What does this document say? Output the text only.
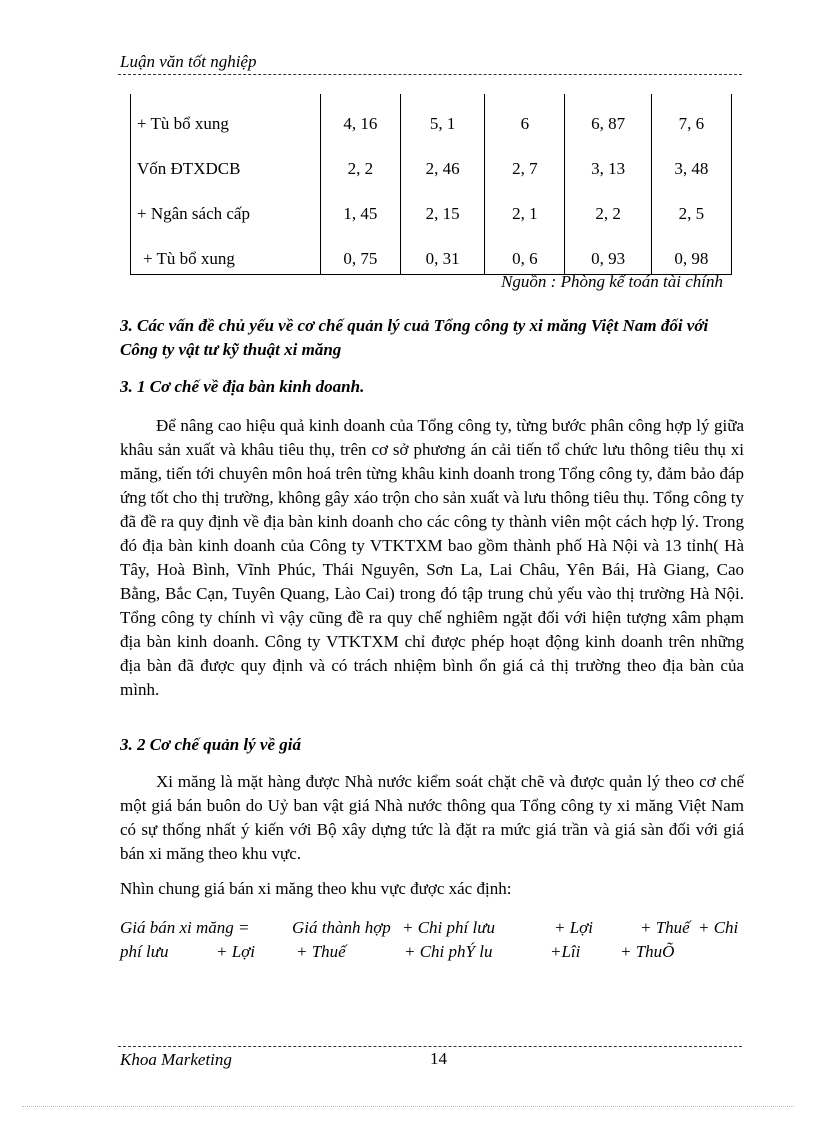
Luận văn tốt nghiệp
+ Tù bổ xung	4, 16	5, 1	6	6, 87	7, 6
Vốn ĐTXDCB	2, 2	2, 46	2, 7	3, 13	3, 48
+ Ngân sách cấp	1, 45	2, 15	2, 1	2, 2	2, 5
+ Tù bổ xung	0, 75	0, 31	0, 6	0, 93	0, 98
Nguồn : Phòng kế toán tài chính
3. Các vấn đề chủ yếu về cơ chế quản lý cuả Tổng công ty xi măng Việt Nam đối với Công ty vật tư kỹ thuật xi măng
3. 1 Cơ chế về địa bàn kinh doanh.
Để nâng cao hiệu quả kinh doanh của Tổng công ty, từng bước phân công hợp lý giữa khâu sản xuất và khâu tiêu thụ, trên cơ sở phương án cải tiến tổ chức lưu thông tiêu thụ xi măng, tiến tới chuyên môn hoá trên từng khâu kinh doanh trong Tổng công ty, đảm bảo đáp ứng tốt cho thị trường, không gây xáo trộn cho sản xuất và lưu thông tiêu thụ. Tổng công ty đã đề ra quy định về địa bàn kinh doanh cho các công ty thành viên một cách hợp lý. Trong đó địa bàn kinh doanh của Công ty VTKTXM bao gồm thành phố Hà Nội và 13 tỉnh( Hà Tây, Hoà Bình, Vĩnh Phúc, Thái Nguyên, Sơn La, Lai Châu, Yên Bái, Hà Giang, Cao Bằng, Bắc Cạn, Tuyên Quang, Lào Cai) trong đó tập trung chủ yếu vào thị trường Hà Nội. Tổng công ty chính vì vậy cũng đề ra quy chế nghiêm ngặt đối với hiện tượng xâm phạm địa bàn kinh doanh. Công ty VTKTXM chỉ được phép hoạt động kinh doanh trên những địa bàn đã được quy định và có trách nhiệm bình ổn giá cả thị trường theo địa bàn của mình.
3. 2 Cơ chế quản lý về giá
Xi măng là mặt hàng được Nhà nước kiểm soát chặt chẽ và được quản lý theo cơ chế một giá bán buôn do Uỷ ban vật giá Nhà nước thông qua Tổng công ty xi măng Việt Nam có sự thống nhất ý kiến với Bộ xây dựng tức là đặt ra mức giá trần và giá sàn đối với giá bán xi măng theo khu vực.
Nhìn chung giá bán xi măng theo khu vực được xác định:
Giá bán xi măng = Giá thành hợp + Chi phí lưu	+ Lợi	+ Thuế + Chi
phí lưu	+ Lợi + Thuế	+ Chi phÝ lu	+Lîi + ThuÕ
Khoa Marketing	14
